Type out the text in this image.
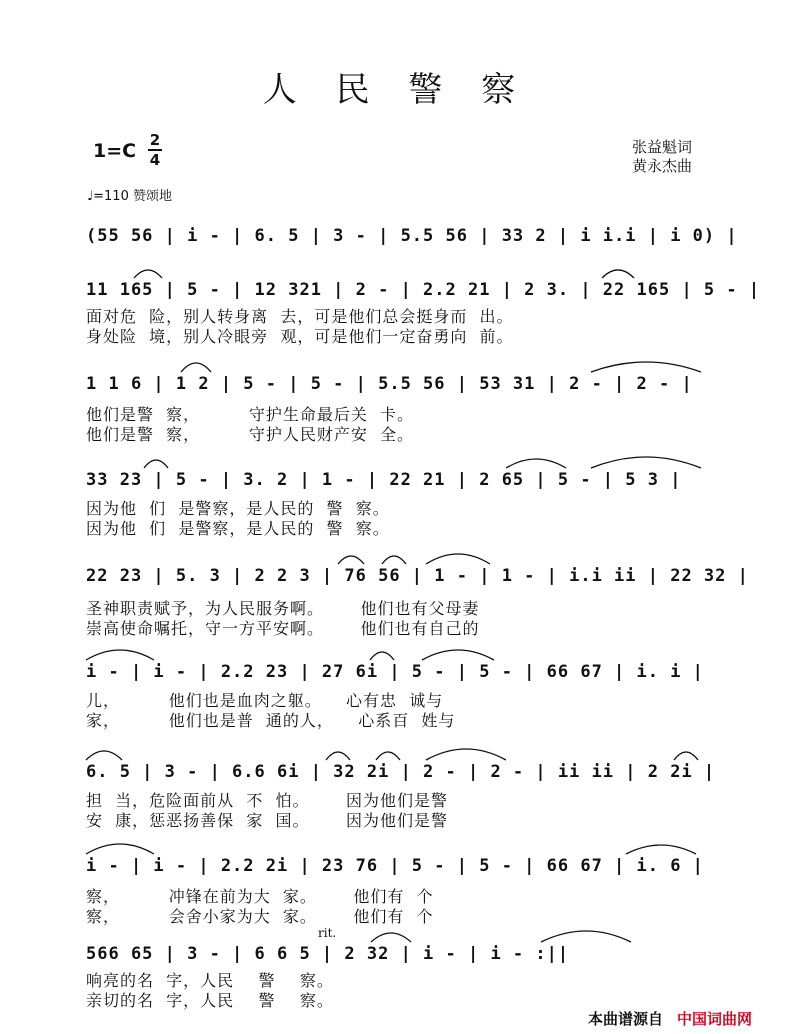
人 民 警 察
1=C 2
4
张益魁词
黄永杰曲
♩=110 赞颂地
(55 56 | i - | 6. 5 | 3 - | 5.5 56 | 33 2 | i i.i | i 0) |
11 165 | 5 - | 12 321 | 2 - | 2.2 21 | 2 3. | 22 165 | 5 - |
面对危  险，别人转身离  去，可是他们总会挺身而  出。
身处险  境，别人冷眼旁  观，可是他们一定奋勇向  前。
1 1 6 | 1 2 | 5 - | 5 - | 5.5 56 | 53 31 | 2 - | 2 - |
他们是警  察，        守护生命最后关  卡。
他们是警  察，        守护人民财产安  全。
33 23 | 5 - | 3. 2 | 1 - | 22 21 | 2 65 | 5 - | 5 3 |
因为他  们  是警察，是人民的  警  察。
因为他  们  是警察，是人民的  警  察。
22 23 | 5. 3 | 2 2 3 | 76 56 | 1 - | 1 - | i.i ii | 22 32 |
圣神职责赋予，为人民服务啊。      他们也有父母妻
崇高使命嘱托，守一方平安啊。      他们也有自己的
i - | i - | 2.2 23 | 27 6i | 5 - | 5 - | 66 67 | i. i |
儿，        他们也是血肉之躯。    心有忠  诚与
家，        他们也是普  通的人，    心系百  姓与
6. 5 | 3 - | 6.6 6i | 32 2i | 2 - | 2 - | ii ii | 2 2i |
担  当，危险面前从  不  怕。      因为他们是警
安  康，惩恶扬善保  家  国。      因为他们是警
i - | i - | 2.2 2i | 23 76 | 5 - | 5 - | 66 67 | i. 6 |
察，        冲锋在前为大  家。      他们有  个
察，        会舍小家为大  家。      他们有  个
rit.
566 65 | 3 - | 6 6 5 | 2 32 | i - | i - :||
响亮的名  字，人民    警    察。
亲切的名  字，人民    警    察。
本曲谱源自 中国词曲网
